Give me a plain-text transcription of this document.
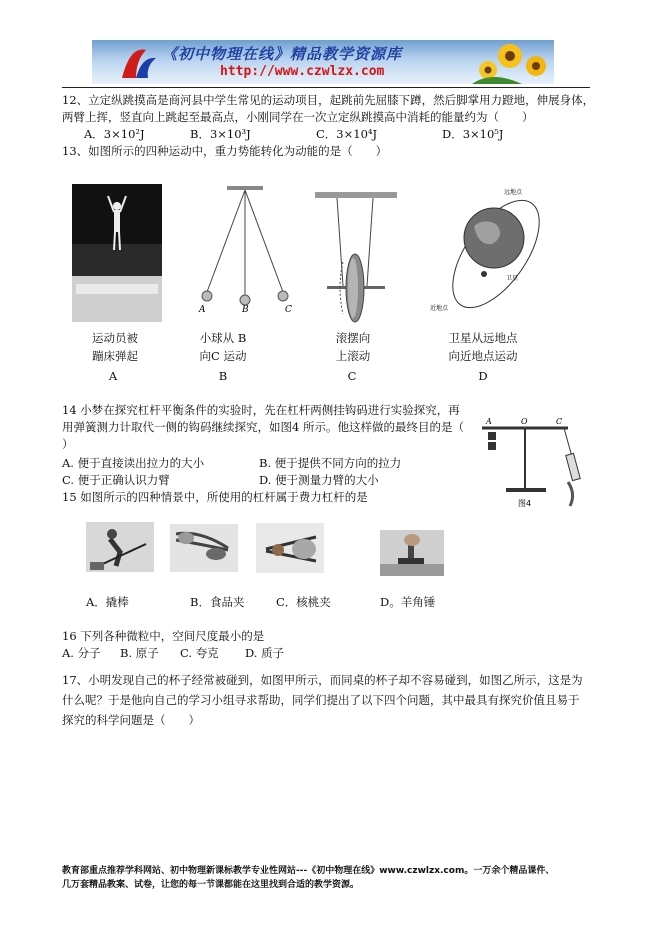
《初中物理在线》精品教学资源库
http://www.czwlzx.com
12、立定纵跳摸高是商河县中学生常见的运动项目，起跳前先屈膝下蹲，然后脚掌用力蹬地，伸展身体，
两臂上挥，竖直向上跳起至最高点，小刚同学在一次立定纵跳摸高中消耗的能量约为（　　）
A．3×10²J	B．3×10³J	C．3×10⁴J	D．3×10⁵J
13、如图所示的四种运动中，重力势能转化为动能的是（　　）
A	B	C
远地点
卫星
近地点
运动员被
蹦床弹起
A
小球从 B
向C 运动
B
滚摆向
上滚动
C
卫星从远地点
向近地点运动
D
14 小梦在探究杠杆平衡条件的实验时，先在杠杆两侧挂钩码进行实验探究，再
用弹簧测力计取代一侧的钩码继续探究，如图4 所示。他这样做的最终目的是（
）
A. 便于直接读出拉力的大小	B. 便于提供不同方向的拉力
C. 便于正确认识力臂	D. 便于测量力臂的大小
A	O	C
图4
15 如图所示的四种情景中，所使用的杠杆属于费力杠杆的是
A．撬棒	B．食品夹	C．核桃夹	D。羊角锤
16 下列各种微粒中，空间尺度最小的是
A. 分子 B. 原子 C. 夸克 D. 质子
17、小明发现自己的杯子经常被碰到，如图甲所示，而同桌的杯子却不容易碰到，如图乙所示，这是为
什么呢？于是他向自己的学习小组寻求帮助，同学们提出了以下四个问题，其中最具有探究价值且易于
探究的科学问题是（　　）
教育部重点推荐学科网站、初中物理新课标教学专业性网站---《初中物理在线》www.czwlzx.com。一万余个精品课件、
几万套精品教案、试卷，让您的每一节课都能在这里找到合适的教学资源。
